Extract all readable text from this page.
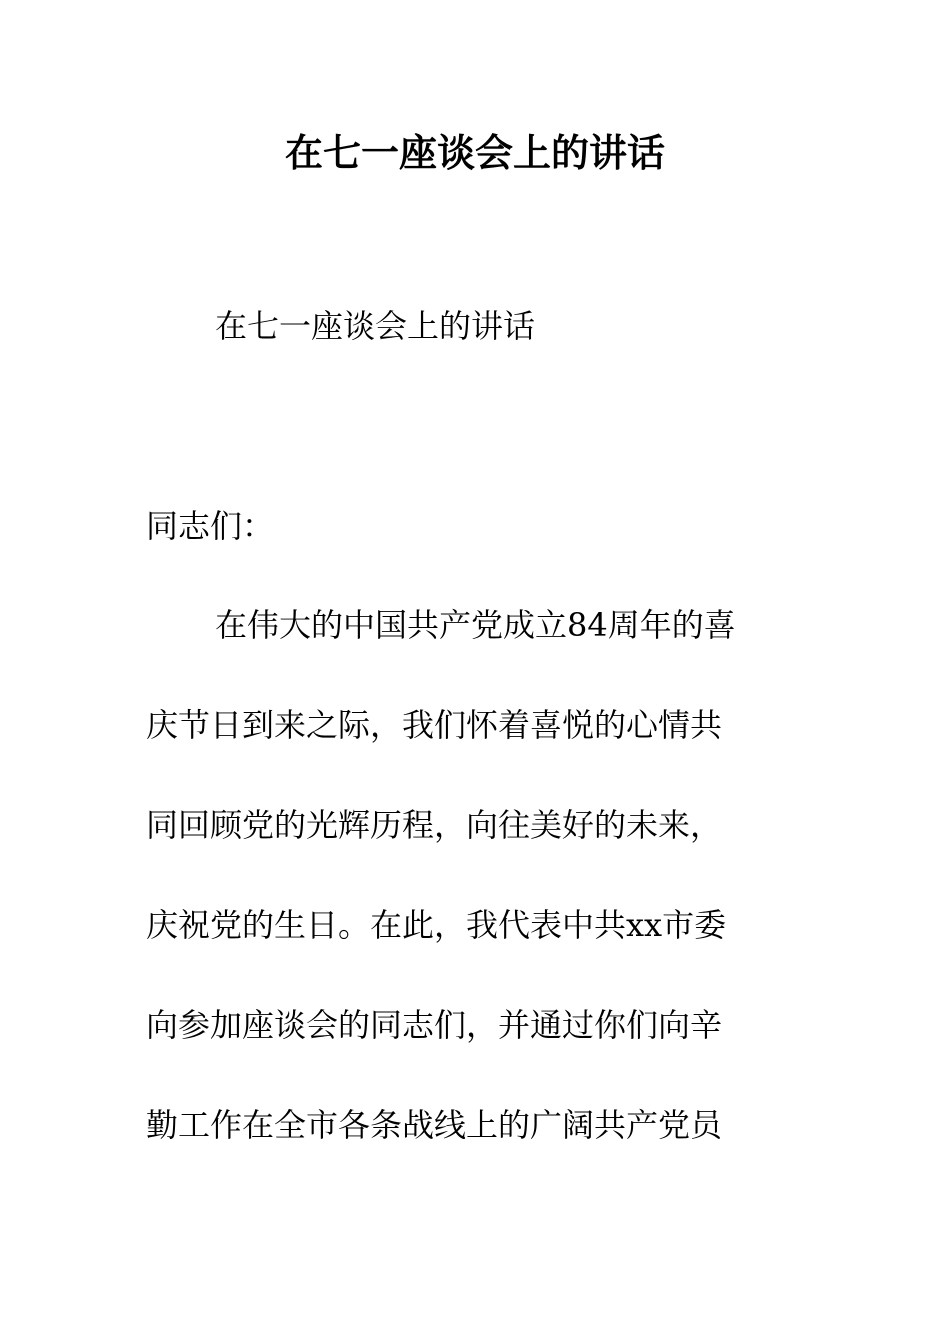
在七一座谈会上的讲话
在七一座谈会上的讲话
同志们：
在伟大的中国共产党成立84周年的喜
庆节日到来之际，我们怀着喜悦的心情共
同回顾党的光辉历程，向往美好的未来，
庆祝党的生日。在此，我代表中共xx市委
向参加座谈会的同志们，并通过你们向辛
勤工作在全市各条战线上的广阔共产党员
